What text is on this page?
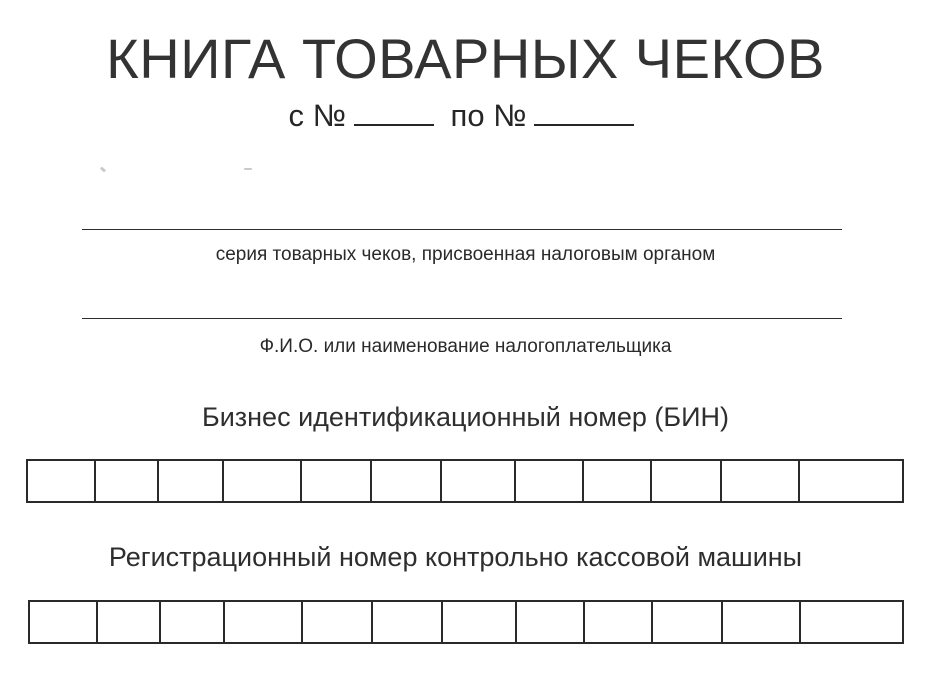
КНИГА ТОВАРНЫХ ЧЕКОВ
с №	по №
серия товарных чеков, присвоенная налоговым органом
Ф.И.О. или наименование налогоплательщика
Бизнес идентификационный номер (БИН)
Регистрационный номер контрольно кассовой машины
